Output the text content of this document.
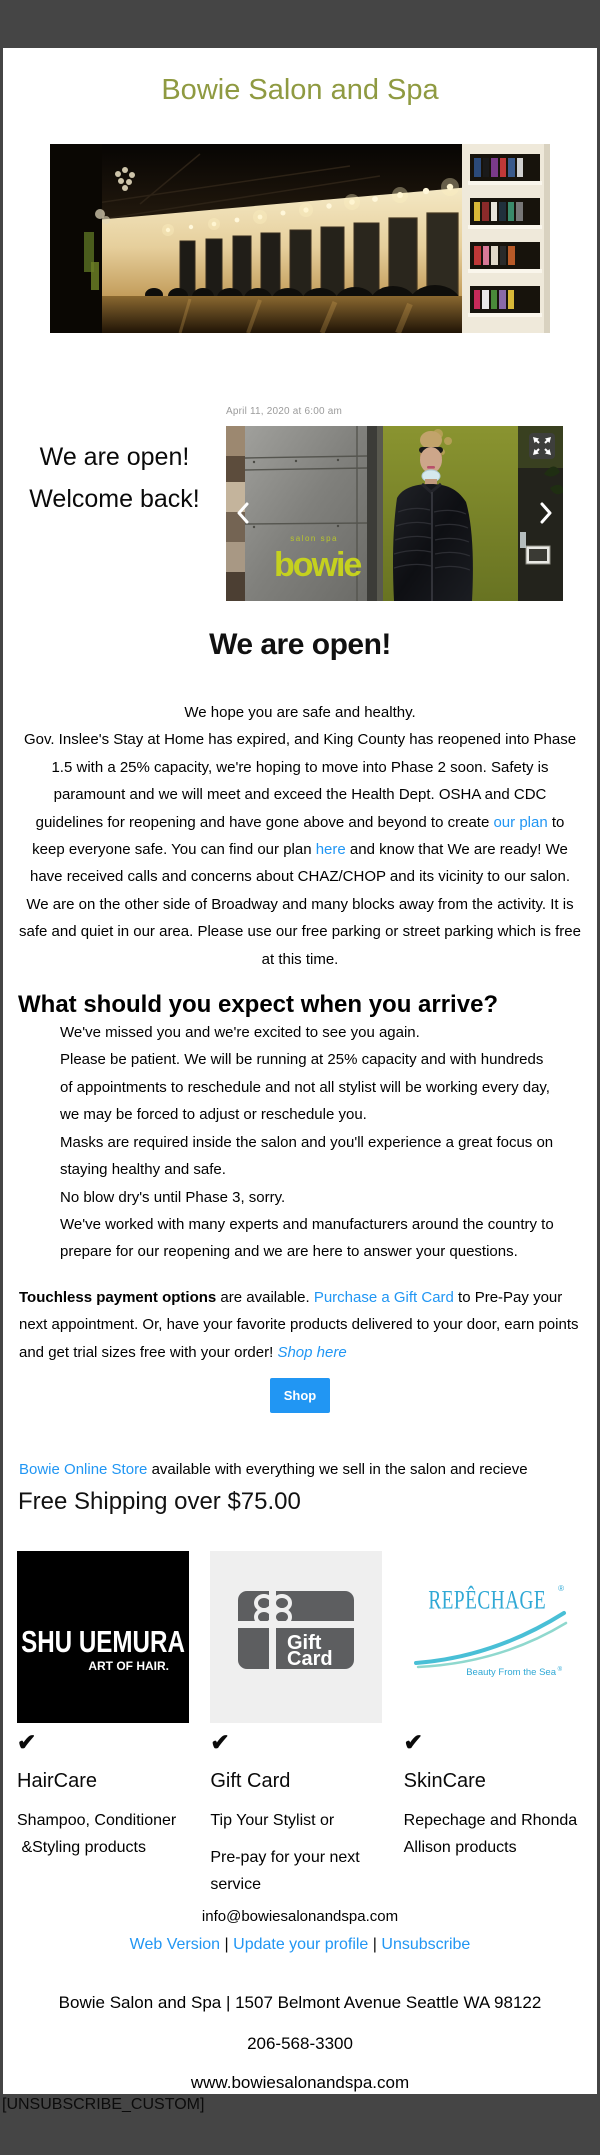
Bowie Salon and Spa
We are open!
Welcome back!
April 11, 2020 at 6:00 am
salon spa
bowie
We are open!

We hope you are safe and healthy.

Gov. Inslee's Stay at Home has expired, and King County has reopened into Phase 1.5 with a 25% capacity, we're hoping to move into Phase 2 soon. Safety is paramount and we will meet and exceed the Health Dept. OSHA and CDC guidelines for reopening and have gone above and beyond to create our plan to keep everyone safe. You can find our plan here and know that We are ready! We have received calls and concerns about CHAZ/CHOP and its vicinity to our salon. We are on the other side of Broadway and many blocks away from the activity. It is safe and quiet in our area. Please use our free parking or street parking which is free at this time.

What should you expect when you arrive?

We've missed you and we're excited to see you again.

Please be patient. We will be running at 25% capacity and with hundreds of appointments to reschedule and not all stylist will be working every day, we may be forced to adjust or reschedule you.

Masks are required inside the salon and you'll experience a great focus on staying healthy and safe.

No blow dry's until Phase 3, sorry.

We've worked with many experts and manufacturers around the country to prepare for our reopening and we are here to answer your questions.

Touchless payment options are available. Purchase a Gift Card to Pre-Pay your next appointment. Or, have your favorite products delivered to your door, earn points and get trial sizes free with your order! Shop here
Shop
Bowie Online Store available with everything we sell in the salon and recieve
Free Shipping over $75.00
SHU UEMURA
ART OF HAIR.
✔
HairCare

Shampoo, Conditioner

&Styling products

Gift
Card
✔
Gift Card

Tip Your Stylist or

Pre-pay for your next service

REPÊCHAGE ®
Beauty From the Sea ®
✔
SkinCare

Repechage and Rhonda

Allison products

info@bowiesalonandspa.com
Web Version | Update your profile | Unsubscribe
Bowie Salon and Spa | 1507 Belmont Avenue Seattle WA 98122
206-568-3300
www.bowiesalonandspa.com
[UNSUBSCRIBE_CUSTOM]
